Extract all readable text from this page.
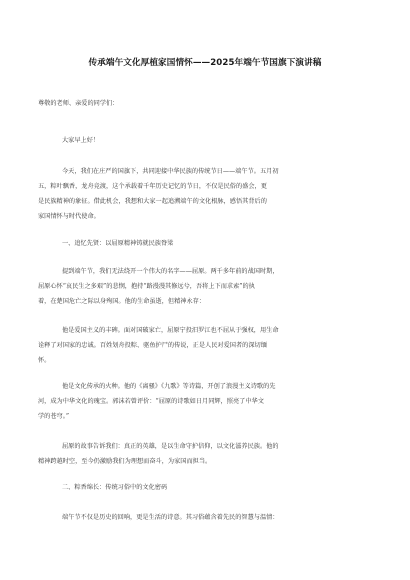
传承端午文化厚植家国情怀——2025年端午节国旗下演讲稿
尊敬的老师、亲爱的同学们：
大家早上好！
今天，我们在庄严的国旗下，共同迎接中华民族的传统节日——端午节。五月初
五，粽叶飘香，龙舟竞渡，这个承载着千年历史记忆的节日，不仅是民俗的盛会，更
是民族精神的象征。借此机会，我想和大家一起追溯端午的文化根脉，感悟其背后的
家国情怀与时代使命。
一、追忆先贤：以屈原精神铸就民族脊梁
提到端午节，我们无法绕开一个伟大的名字——屈原。两千多年前的战国时期，
屈原心怀“哀民生之多艰”的悲悯，抱持“路漫漫其修远兮，吾将上下而求索”的执
着，在楚国危亡之际以身殉国。他的生命虽逝，但精神永存：
他是爱国主义的丰碑。面对国破家亡，屈原宁投汨罗江也不屈从于强权，用生命
诠释了对国家的忠诚。百姓划舟投粽、驱鱼护尸的传说，正是人民对爱国者的深切缅
怀。
他是文化传承的火种。他的《离骚》《九歌》等诗篇，开创了浪漫主义诗歌的先
河，成为中华文化的瑰宝。郭沫若曾评价：“屈原的诗歌如日月同辉，照亮了中华文
学的苍穹。”
屈原的故事告诉我们：真正的英雄，是以生命守护信仰，以文化滋养民族。他的
精神跨越时空，至今仍激励我们为理想而奋斗，为家国而担当。
二、粽香绵长：传统习俗中的文化密码
端午节不仅是历史的回响，更是生活的诗意。其习俗蕴含着先民的智慧与温情：
